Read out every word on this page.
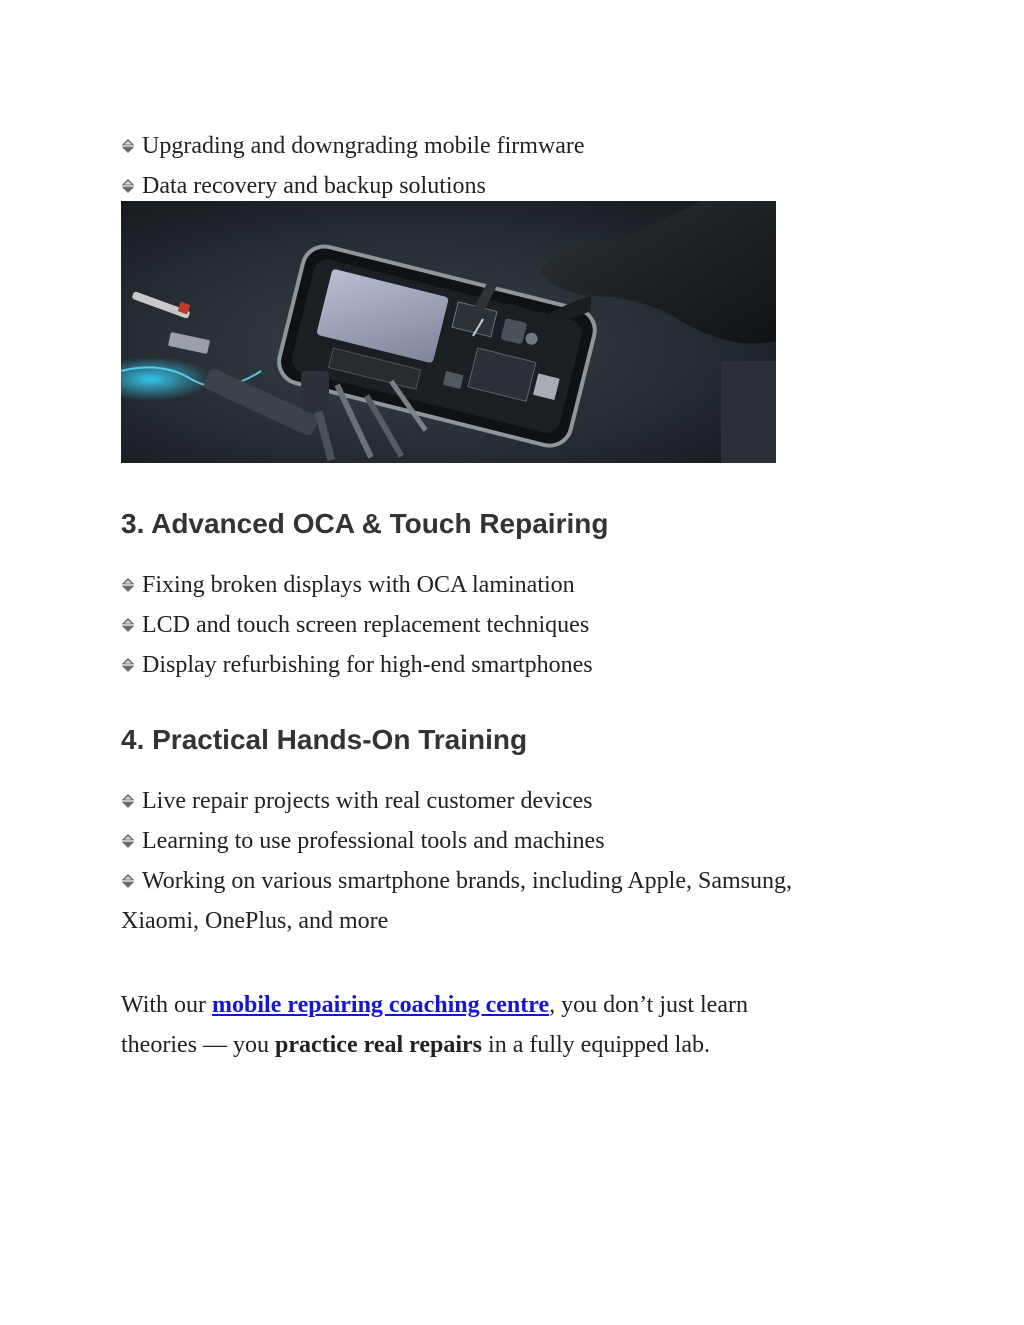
Upgrading and downgrading mobile firmware
Data recovery and backup solutions
3. Advanced OCA & Touch Repairing
Fixing broken displays with OCA lamination
LCD and touch screen replacement techniques
Display refurbishing for high-end smartphones
4. Practical Hands-On Training
Live repair projects with real customer devices
Learning to use professional tools and machines
Working on various smartphone brands, including Apple, Samsung,
Xiaomi, OnePlus, and more
With our mobile repairing coaching centre, you don’t just learn
theories — you practice real repairs in a fully equipped lab.
